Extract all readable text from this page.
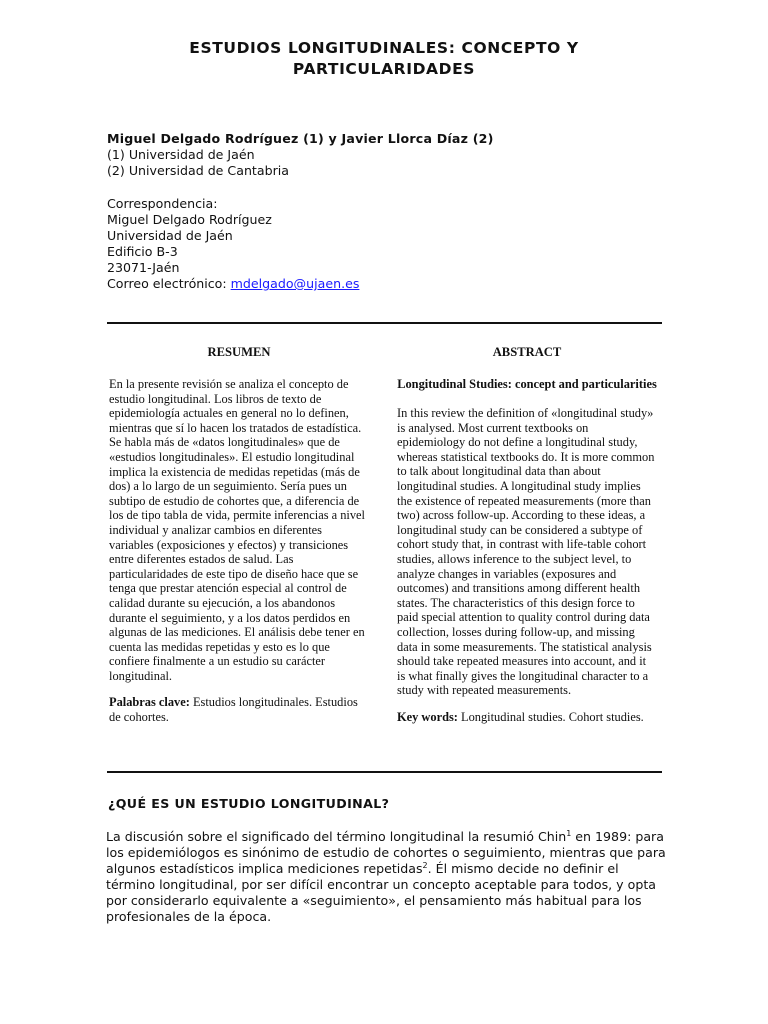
ESTUDIOS LONGITUDINALES: CONCEPTO Y
PARTICULARIDADES
Miguel Delgado Rodríguez (1) y Javier Llorca Díaz (2)
(1) Universidad de Jaén
(2) Universidad de Cantabria
Correspondencia:
Miguel Delgado Rodríguez
Universidad de Jaén
Edificio B-3
23071-Jaén
Correo electrónico: mdelgado@ujaen.es
RESUMEN

En la presente revisión se analiza el concepto de estudio longitudinal. Los libros de texto de epidemiología actuales en general no lo definen, mientras que sí lo hacen los tratados de estadística. Se habla más de «datos longitudinales» que de «estudios longitudinales». El estudio longitudinal implica la existencia de medidas repetidas (más de dos) a lo largo de un seguimiento. Sería pues un subtipo de estudio de cohortes que, a diferencia de los de tipo tabla de vida, permite inferencias a nivel individual y analizar cambios en diferentes variables (exposiciones y efectos) y transiciones entre diferentes estados de salud. Las particularidades de este tipo de diseño hace que se tenga que prestar atención especial al control de calidad durante su ejecución, a los abandonos durante el seguimiento, y a los datos perdidos en algunas de las mediciones. El análisis debe tener en cuenta las medidas repetidas y esto es lo que confiere finalmente a un estudio su carácter longitudinal.

Palabras clave: Estudios longitudinales. Estudios de cohortes.

ABSTRACT

Longitudinal Studies: concept and particularities

In this review the definition of «longitudinal study» is analysed. Most current textbooks on epidemiology do not define a longitudinal study, whereas statistical textbooks do. It is more common to talk about longitudinal data than about longitudinal studies. A longitudinal study implies the existence of repeated measurements (more than two) across follow-up. According to these ideas, a longitudinal study can be considered a subtype of cohort study that, in contrast with life-table cohort studies, allows inference to the subject level, to analyze changes in variables (exposures and outcomes) and transitions among different health states. The characteristics of this design force to paid special attention to quality control during data collection, losses during follow-up, and missing data in some measurements. The statistical analysis should take repeated measures into account, and it is what finally gives the longitudinal character to a study with repeated measurements.

Key words: Longitudinal studies. Cohort studies.

¿QUÉ ES UN ESTUDIO LONGITUDINAL?

La discusión sobre el significado del término longitudinal la resumió Chin$^1$ en 1989: para los epidemiólogos es sinónimo de estudio de cohortes o seguimiento, mientras que para algunos estadísticos implica mediciones repetidas$^2$. Él mismo decide no definir el término longitudinal, por ser difícil encontrar un concepto aceptable para todos, y opta por considerarlo equivalente a «seguimiento», el pensamiento más habitual para los profesionales de la época.
